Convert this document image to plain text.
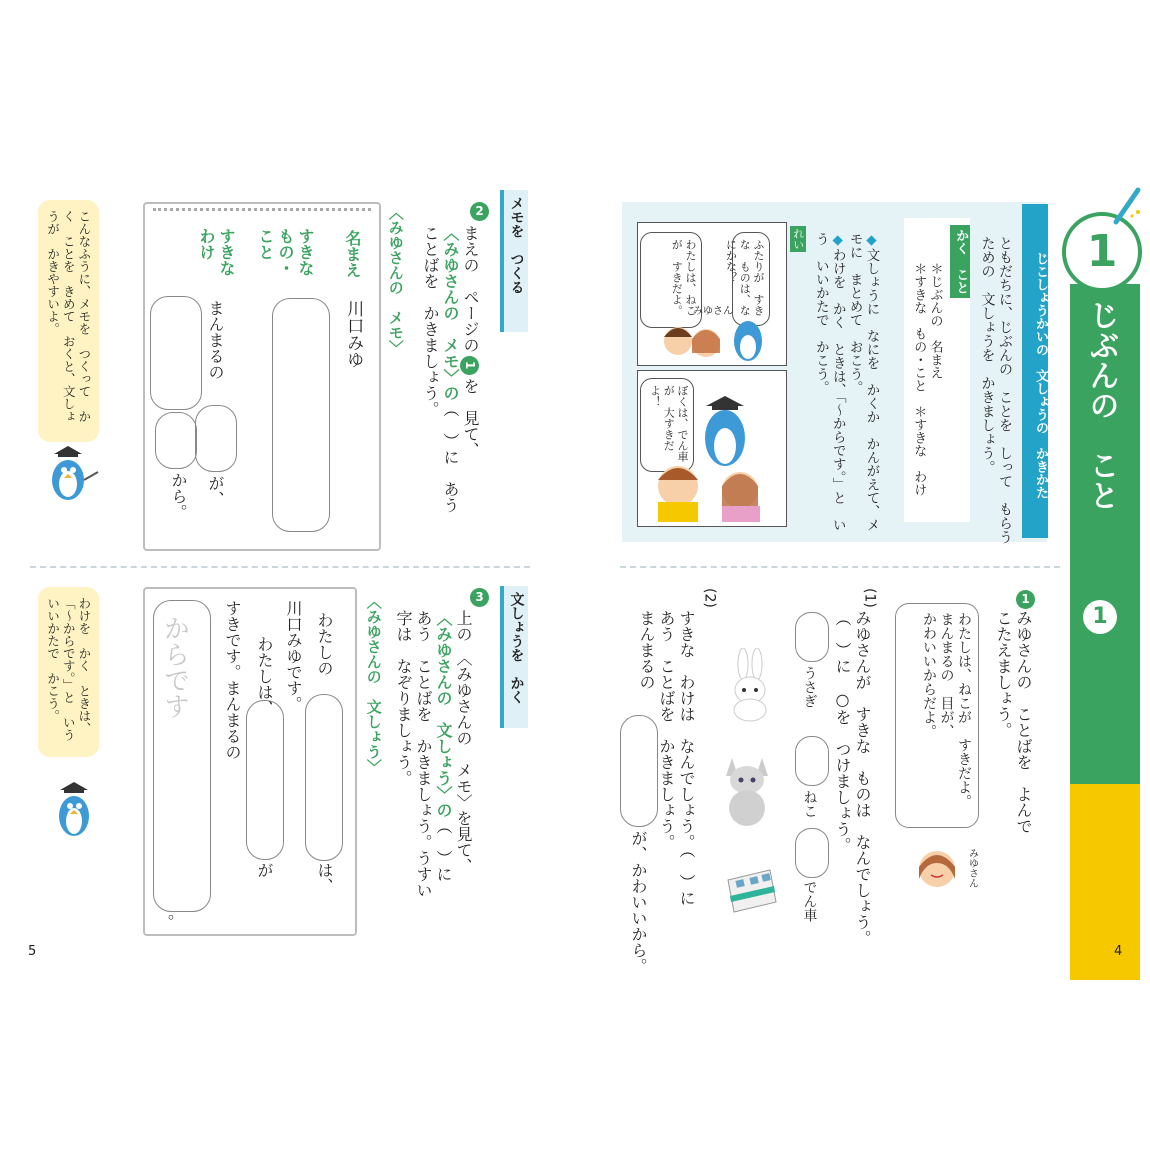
メモを　つくる
2
まえの　ページの1を　見て、
〈みゆさんの　メモ〉の（　）に　あう
ことばを　かきましょう。
〈みゆさんの　メモ〉
名まえ
川口みゆ
すきな もの・こと
すきな わけ
まんまるの
が、
から。
こんなふうに、メモを　つくって　かく　ことを　きめて　おくと、文しょうが　かきやすいよ。
文しょうを　かく
3
上の　〈みゆさんの　メモ〉を見て、
〈みゆさんの　文しょう〉の（　）に
あう　ことばを　かきましょう。うすい
字は　なぞりましょう。
〈みゆさんの　文しょう〉
わたしの
は、
川口みゆです。
わたしは、
が
すきです。まんまるの
からです
。
わけを　かく　ときは、「〜からです。」と　いう　いいかたで　かこう。
5
1
じぶんの　こと
1
じこしょうかいの　文しょうの　かきかた
ともだちに、じぶんの　ことを　しって　もらう
ための　文しょうを　かきましょう。
かく　こと
＊じぶんの　名まえ
＊すきな　もの・こと　＊すきな　わけ
◆文しょうに　なにを　かくか　かんがえて、メモに　まとめて　おこう。
◆わけを　かく　ときは、「〜からです。」と　いう　いいかたで　かこう。
れい
ふたりが　すきな　ものは、なにかな？
わたしは、ねこが　すきだよ。 みゆさん
ぼくは、でん車が　大すきだよ！
1
みゆさんの　ことばを　よんで
こたえましょう。
わたしは、ねこが　すきだよ。
まんまるの　目が、
かわいいからだよ。
みゆさん
(1)
みゆさんが　すきな　ものは　なんでしょう。
（　）に　○を　つけましょう。
うさぎ
ねこ
でん車
(2)
すきな　わけは　なんでしょう。（　）に
あう　ことばを　かきましょう。
まんまるの
が、かわいいから。	4
